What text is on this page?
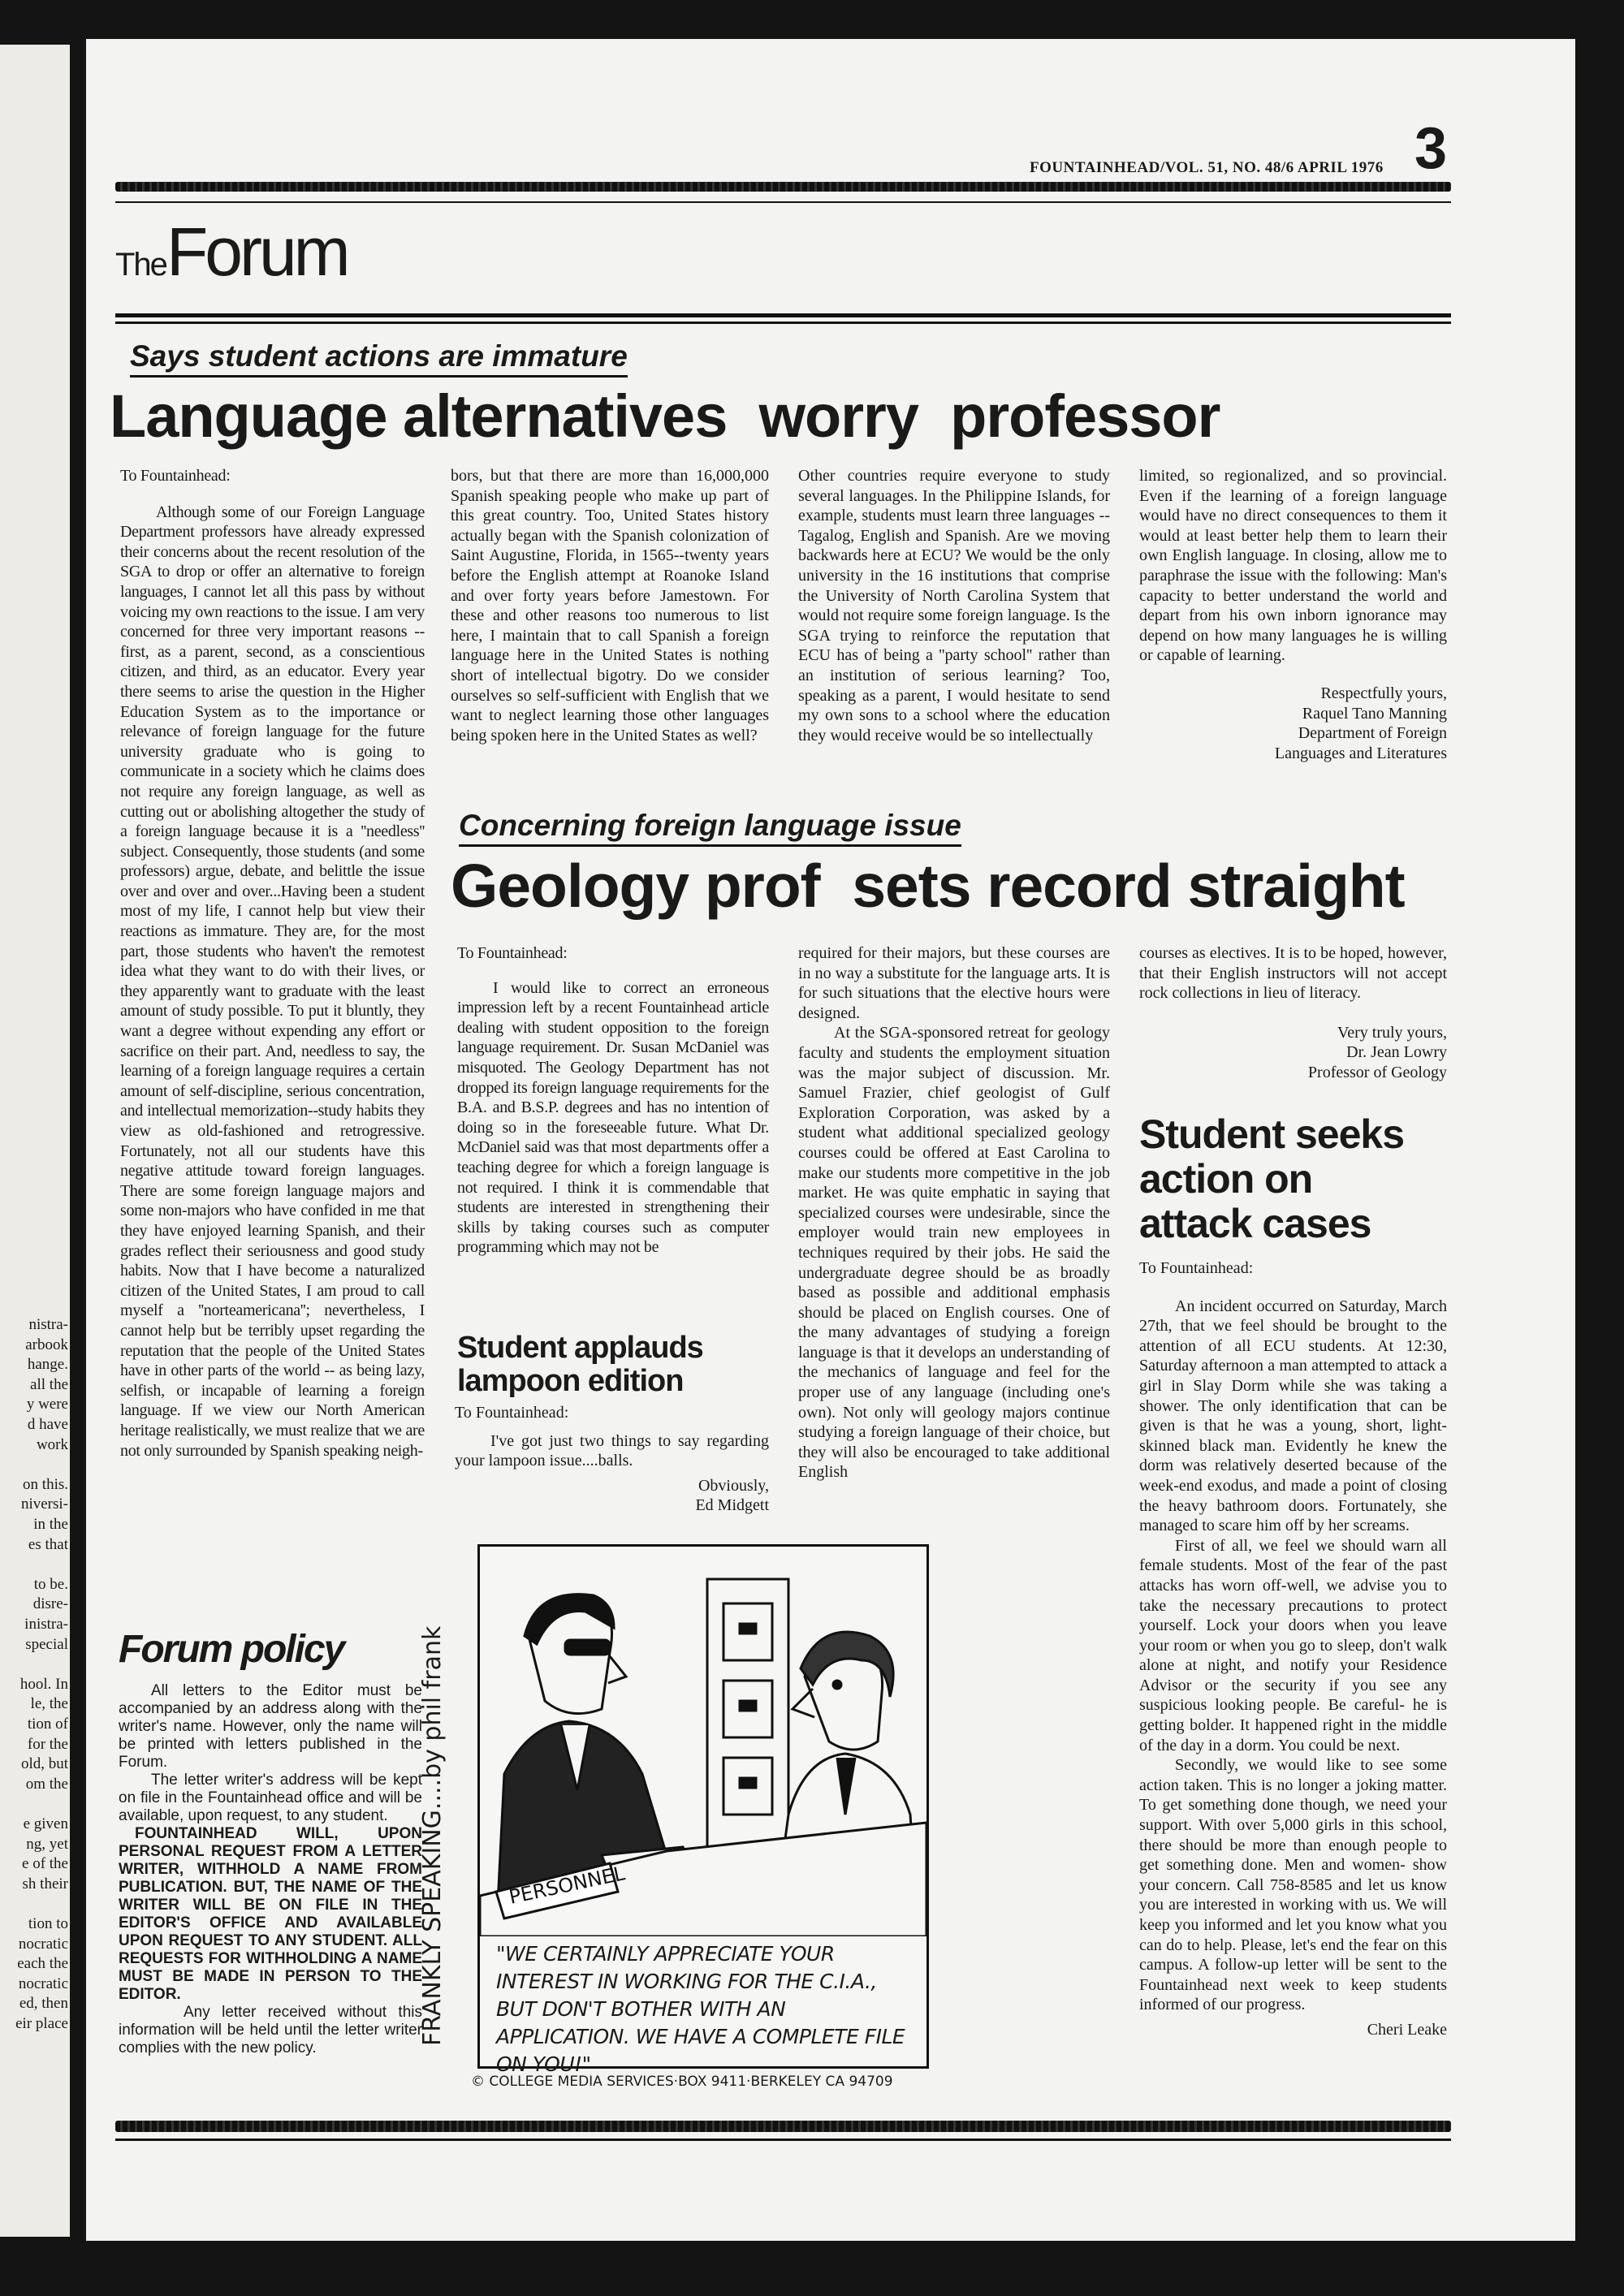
nistra-
arbook
hange.
all the
y were
d have
work
on this.
niversi-
in the
es that
to be.
disre-
inistra-
special
hool. In
le, the
tion of
for the
old, but
om the
e given
ng, yet
e of the
sh their
tion to
nocratic
each the
nocratic
ed, then
eir place
FOUNTAINHEAD/VOL. 51, NO. 48/6 APRIL 1976 3
TheForum
Says student actions are immature
Language alternatives  worry  professor

To Fountainhead:

Although some of our Foreign Language Department professors have already expressed their concerns about the recent resolution of the SGA to drop or offer an alternative to foreign languages, I cannot let all this pass by without voicing my own reactions to the issue. I am very concerned for three very important reasons -- first, as a parent, second, as a conscientious citizen, and third, as an educator. Every year there seems to arise the question in the Higher Education System as to the importance or relevance of foreign language for the future university graduate who is going to communicate in a society which he claims does not require any foreign language, as well as cutting out or abolishing altogether the study of a foreign language because it is a ''needless'' subject. Consequently, those students (and some professors) argue, debate, and belittle the issue over and over and over...Having been a student most of my life, I cannot help but view their reactions as immature. They are, for the most part, those students who haven't the remotest idea what they want to do with their lives, or they apparently want to graduate with the least amount of study possible. To put it bluntly, they want a degree without expending any effort or sacrifice on their part. And, needless to say, the learning of a foreign language requires a certain amount of self-discipline, serious concentration, and intellectual memorization--study habits they view as old-fashioned and retrogressive. Fortunately, not all our students have this negative attitude toward foreign languages. There are some foreign language majors and some non-majors who have confided in me that they have enjoyed learning Spanish, and their grades reflect their seriousness and good study habits. Now that I have become a naturalized citizen of the United States, I am proud to call myself a ''norteamericana''; nevertheless, I cannot help but be terribly upset regarding the reputation that the people of the United States have in other parts of the world -- as being lazy, selfish, or incapable of learning a foreign language. If we view our North American heritage realistically, we must realize that we are not only surrounded by Spanish speaking neigh-

bors, but that there are more than 16,000,000 Spanish speaking people who make up part of this great country. Too, United States history actually began with the Spanish colonization of Saint Augustine, Florida, in 1565--twenty years before the English attempt at Roanoke Island and over forty years before Jamestown. For these and other reasons too numerous to list here, I maintain that to call Spanish a foreign language here in the United States is nothing short of intellectual bigotry. Do we consider ourselves so self-sufficient with English that we want to neglect learning those other languages being spoken here in the United States as well?

Other countries require everyone to study several languages. In the Philippine Islands, for example, students must learn three languages -- Tagalog, English and Spanish. Are we moving backwards here at ECU? We would be the only university in the 16 institutions that comprise the University of North Carolina System that would not require some foreign language. Is the SGA trying to reinforce the reputation that ECU has of being a ''party school'' rather than an institution of serious learning? Too, speaking as a parent, I would hesitate to send my own sons to a school where the education they would receive would be so intellectually

limited, so regionalized, and so provincial. Even if the learning of a foreign language would have no direct consequences to them it would at least better help them to learn their own English language. In closing, allow me to paraphrase the issue with the following: Man's capacity to better understand the world and depart from his own inborn ignorance may depend on how many languages he is willing or capable of learning.

Respectfully yours,
Raquel Tano Manning
Department of Foreign
Languages and Literatures
Concerning foreign language issue
Geology prof  sets record straight

To Fountainhead:

I would like to correct an erroneous impression left by a recent Fountainhead article dealing with student opposition to the foreign language requirement. Dr. Susan McDaniel was misquoted. The Geology Department has not dropped its foreign language requirements for the B.A. and B.S.P. degrees and has no intention of doing so in the foreseeable future. What Dr. McDaniel said was that most departments offer a teaching degree for which a foreign language is not required. I think it is commendable that students are interested in strengthening their skills by taking courses such as computer programming which may not be

required for their majors, but these courses are in no way a substitute for the language arts. It is for such situations that the elective hours were designed.

At the SGA-sponsored retreat for geology faculty and students the employment situation was the major subject of discussion. Mr. Samuel Frazier, chief geologist of Gulf Exploration Corporation, was asked by a student what additional specialized geology courses could be offered at East Carolina to make our students more competitive in the job market. He was quite emphatic in saying that specialized courses were undesirable, since the employer would train new employees in techniques required by their jobs. He said the undergraduate degree should be as broadly based as possible and additional emphasis should be placed on English courses. One of the many advantages of studying a foreign language is that it develops an understanding of the mechanics of language and feel for the proper use of any language (including one's own). Not only will geology majors continue studying a foreign language of their choice, but they will also be encouraged to take additional English

courses as electives. It is to be hoped, however, that their English instructors will not accept rock collections in lieu of literacy.

Very truly yours,
Dr. Jean Lowry
Professor of Geology
Student applauds
lampoon edition

To Fountainhead:

I've got just two things to say regarding your lampoon issue....balls.

Obviously,
Ed Midgett
Student seeks
action on
attack cases

To Fountainhead:

An incident occurred on Saturday, March 27th, that we feel should be brought to the attention of all ECU students. At 12:30, Saturday afternoon a man attempted to attack a girl in Slay Dorm while she was taking a shower. The only identification that can be given is that he was a young, short, light-skinned black man. Evidently he knew the dorm was relatively deserted because of the week-end exodus, and made a point of closing the heavy bathroom doors. Fortunately, she managed to scare him off by her screams.

First of all, we feel we should warn all female students. Most of the fear of the past attacks has worn off-well, we advise you to take the necessary precautions to protect yourself. Lock your doors when you leave your room or when you go to sleep, don't walk alone at night, and notify your Residence Advisor or the security if you see any suspicious looking people. Be careful- he is getting bolder. It happened right in the middle of the day in a dorm. You could be next.

Secondly, we would like to see some action taken. This is no longer a joking matter. To get something done though, we need your support. With over 5,000 girls in this school, there should be more than enough people to get something done. Men and women- show your concern. Call 758-8585 and let us know you are interested in working with us. We will keep you informed and let you know what you can do to help. Please, let's end the fear on this campus. A follow-up letter will be sent to the Fountainhead next week to keep students informed of our progress.

Cheri Leake
Forum policy

All letters to the Editor must be accompanied by an address along with the writer's name. However, only the name will be printed with letters published in the Forum.

The letter writer's address will be kept on file in the Fountainhead office and will be available, upon request, to any student.

FOUNTAINHEAD WILL, UPON PERSONAL REQUEST FROM A LETTER WRITER, WITHHOLD A NAME FROM PUBLICATION. BUT, THE NAME OF THE WRITER WILL BE ON FILE IN THE EDITOR'S OFFICE AND AVAILABLE UPON REQUEST TO ANY STUDENT. ALL REQUESTS FOR WITHHOLDING A NAME MUST BE MADE IN PERSON TO THE EDITOR.

Any letter received without this information will be held until the letter writer complies with the new policy.

FRANKLY SPEAKING....by phil frank	PERSONNEL
"WE CERTAINLY APPRECIATE YOUR INTEREST IN WORKING FOR THE C.I.A., BUT DON'T BOTHER WITH AN APPLICATION. WE HAVE A COMPLETE FILE ON YOU!"
© COLLEGE MEDIA SERVICES·BOX 9411·BERKELEY CA 94709
